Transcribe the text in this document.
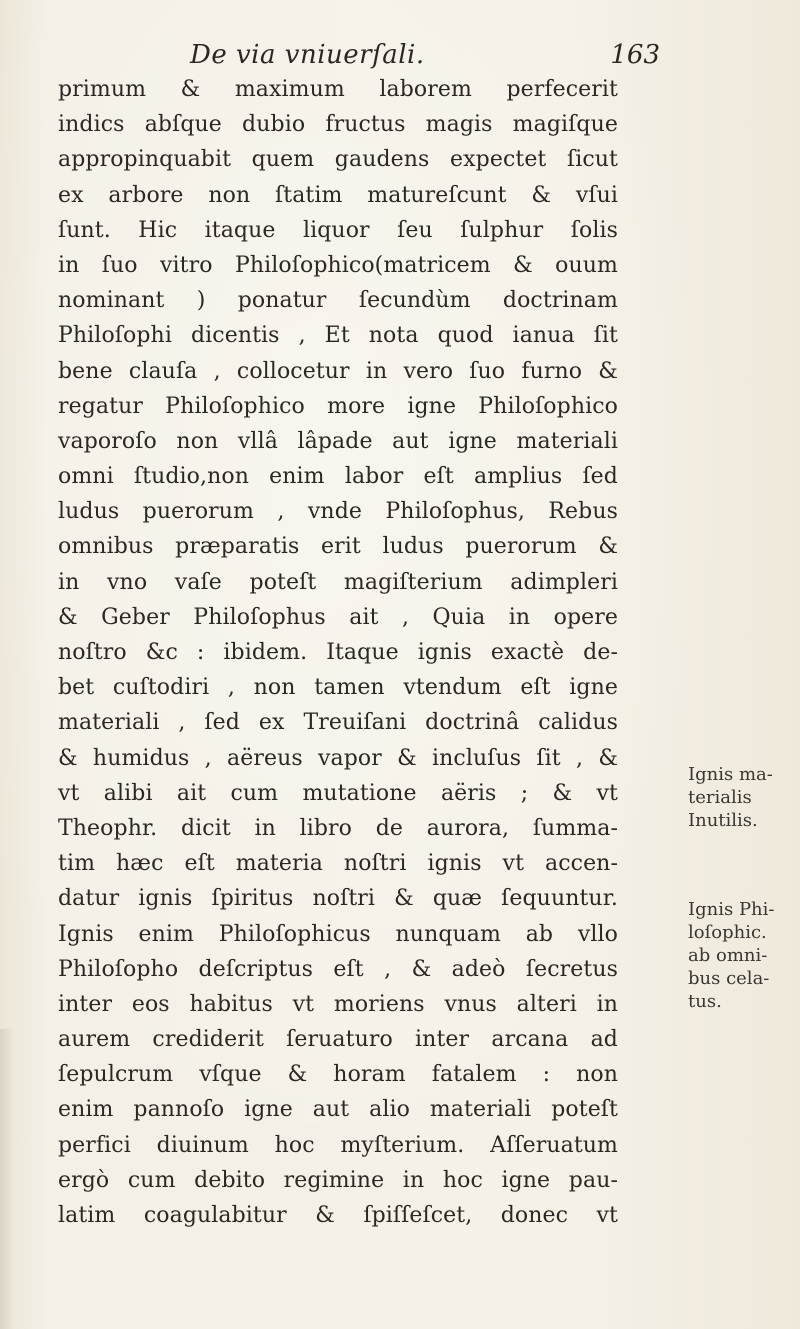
De via vniuerſali.	163
primum & maximum laborem perfecerit
indics abſque dubio fructus magis magiſque
appropinquabit quem gaudens expectet ſicut
ex arbore non ſtatim matureſcunt & vſui
ſunt. Hic itaque liquor ſeu ſulphur ſolis
in ſuo vitro Philoſophico(matricem & ouum
nominant ) ponatur ſecundùm doctrinam
Philoſophi dicentis , Et nota quod ianua ſit
bene clauſa , collocetur in vero ſuo furno &
regatur Philoſophico more igne Philoſophico
vaporoſo non vllâ lâpade aut igne materiali
omni ſtudio,non enim labor eſt amplius ſed
ludus puerorum , vnde Philoſophus, Rebus
omnibus præparatis erit ludus puerorum &
in vno vaſe poteſt magiſterium adimpleri
& Geber Philoſophus ait , Quia in opere
noſtro &c : ibidem. Itaque ignis exactè de-
bet cuſtodiri , non tamen vtendum eſt igne
materiali , ſed ex Treuiſani doctrinâ calidus
& humidus , aëreus vapor & incluſus ſit , &
vt alibi ait cum mutatione aëris ; & vt
Theophr. dicit in libro de aurora, ſumma-
tim hæc eſt materia noſtri ignis vt accen-
datur ignis ſpiritus noſtri & quæ ſequuntur.
Ignis enim Philoſophicus nunquam ab vllo
Philoſopho deſcriptus eſt , & adeò ſecretus
inter eos habitus vt moriens vnus alteri in
aurem crediderit ſeruaturo inter arcana ad
ſepulcrum vſque & horam fatalem : non
enim pannoſo igne aut alio materiali poteſt
perfici diuinum hoc myſterium. Aſſeruatum
ergò cum debito regimine in hoc igne pau-
latim coagulabitur & ſpiſſeſcet, donec vt
Ignis ma-
terialis
Inutilis.
Ignis Phi-
loſophic.
ab omni-
bus cela-
tus.
